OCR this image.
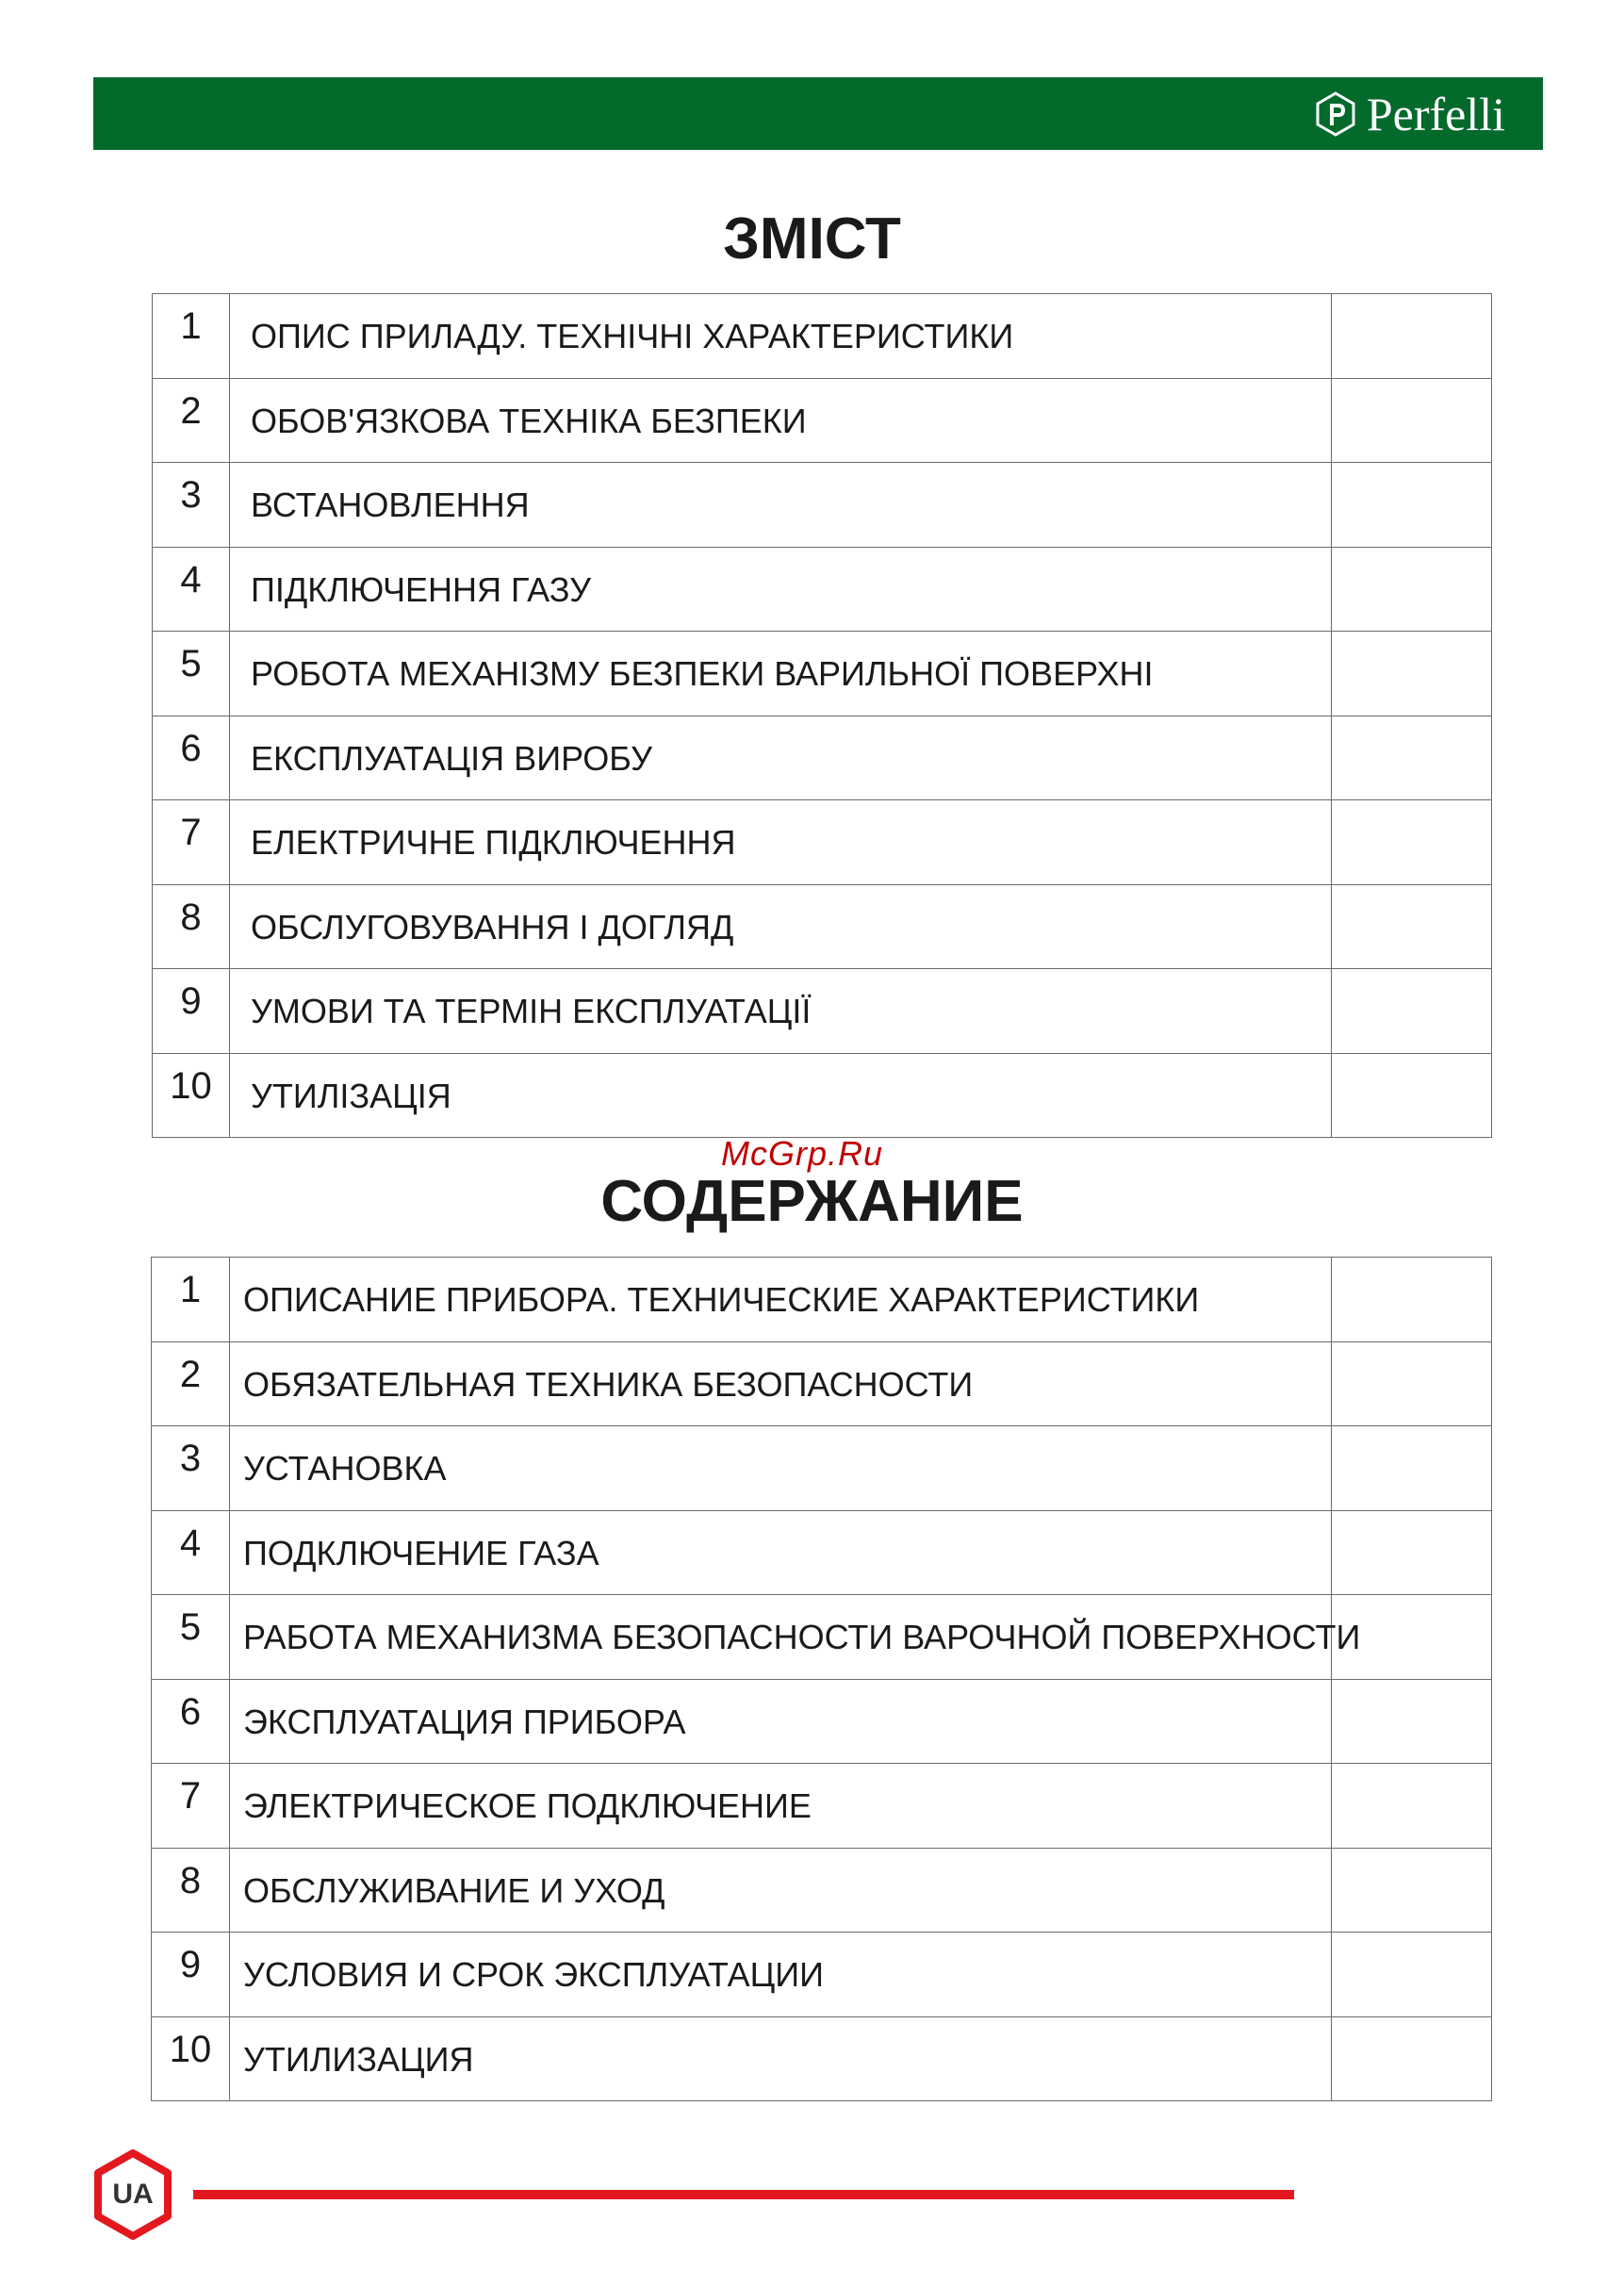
Perfelli
ЗМІСТ
1	ОПИС ПРИЛАДУ. ТЕХНІЧНІ ХАРАКТЕРИСТИКИ	
2	ОБОВ'ЯЗКОВА ТЕХНІКА БЕЗПЕКИ	
3	ВСТАНОВЛЕННЯ	
4	ПІДКЛЮЧЕННЯ ГАЗУ	
5	РОБОТА МЕХАНІЗМУ БЕЗПЕКИ ВАРИЛЬНОЇ ПОВЕРХНІ	
6	ЕКСПЛУАТАЦІЯ ВИРОБУ	
7	ЕЛЕКТРИЧНЕ ПІДКЛЮЧЕННЯ	
8	ОБСЛУГОВУВАННЯ І ДОГЛЯД	
9	УМОВИ ТА ТЕРМІН ЕКСПЛУАТАЦІЇ	
10	УТИЛІЗАЦІЯ	
McGrp.Ru
СОДЕРЖАНИЕ
1	ОПИСАНИЕ ПРИБОРА. ТЕХНИЧЕСКИЕ ХАРАКТЕРИСТИКИ	
2	ОБЯЗАТЕЛЬНАЯ ТЕХНИКА БЕЗОПАСНОСТИ	
3	УСТАНОВКА	
4	ПОДКЛЮЧЕНИЕ ГАЗА	
5	РАБОТА МЕХАНИЗМА БЕЗОПАСНОСТИ ВАРОЧНОЙ ПОВЕРХНОСТИ	
6	ЭКСПЛУАТАЦИЯ ПРИБОРА	
7	ЭЛЕКТРИЧЕСКОЕ ПОДКЛЮЧЕНИЕ	
8	ОБСЛУЖИВАНИЕ И УХОД	
9	УСЛОВИЯ И СРОК ЭКСПЛУАТАЦИИ	
10	УТИЛИЗАЦИЯ	
UA
